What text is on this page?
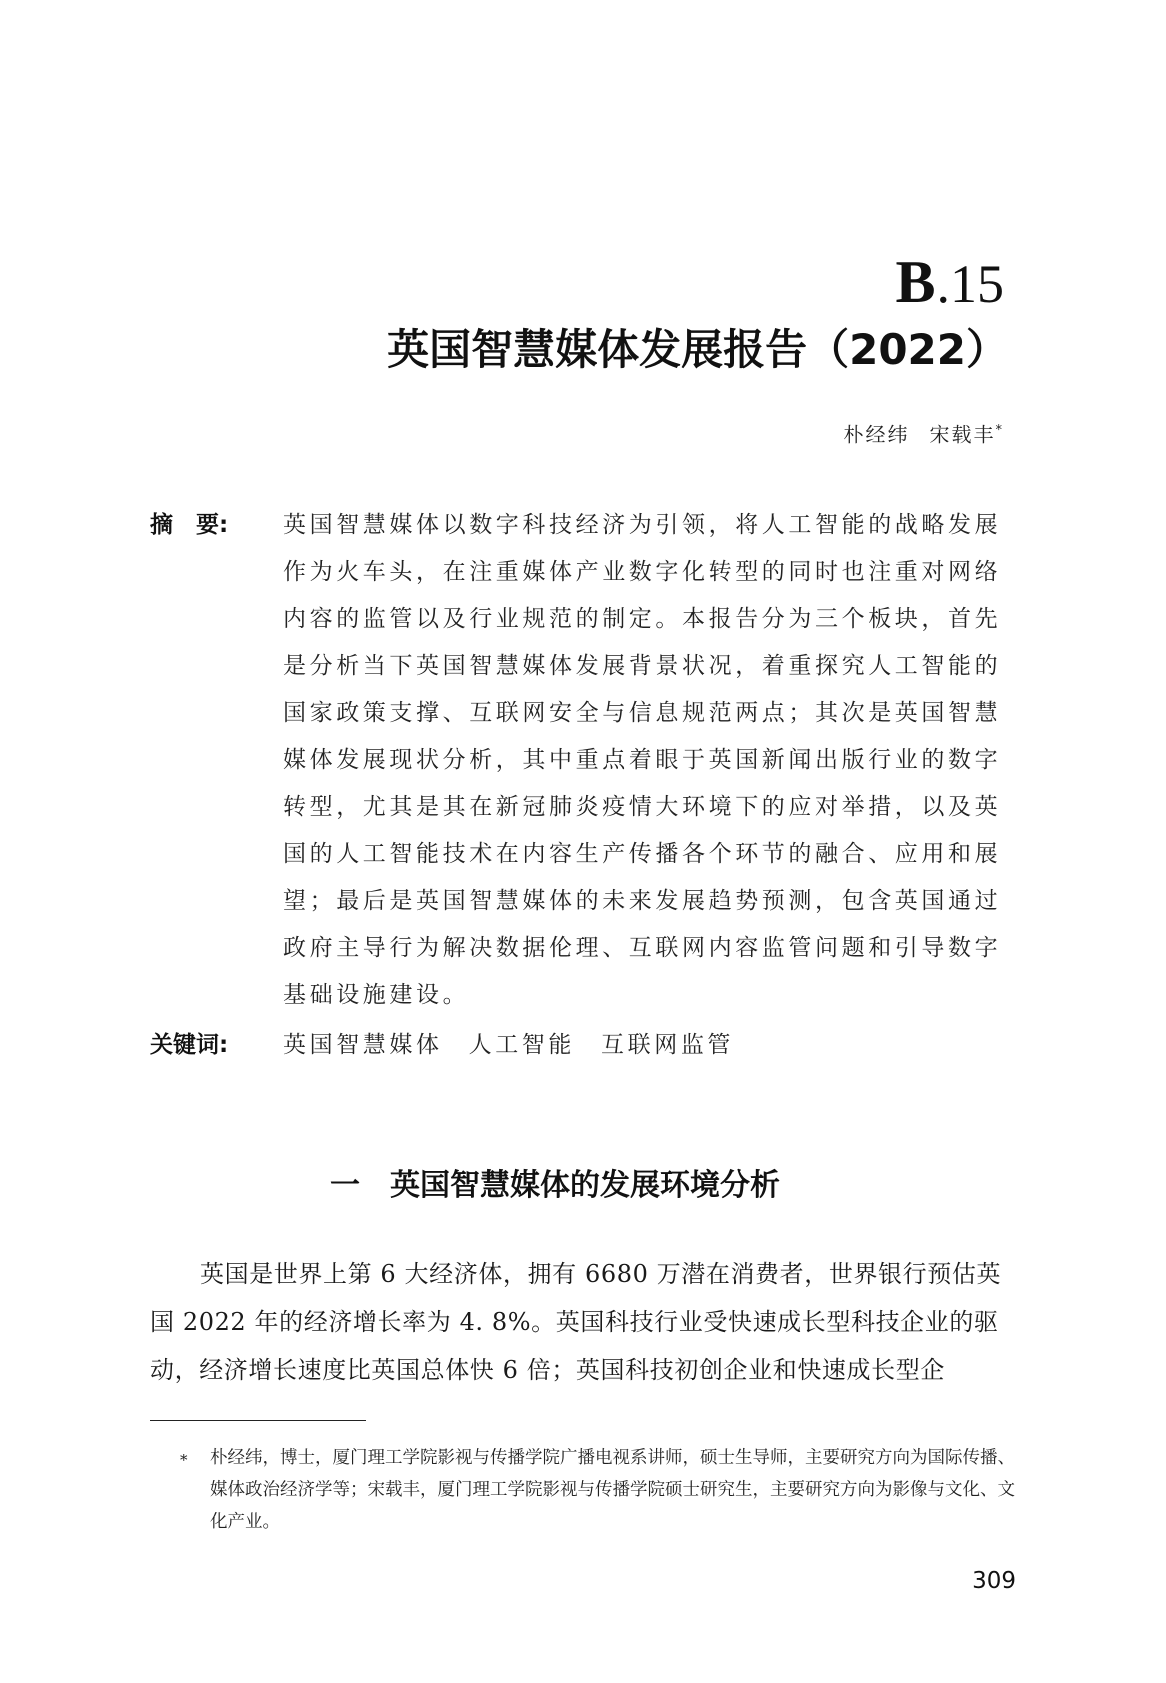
B.15
英国智慧媒体发展报告（2022）
朴经纬 宋载丰*
摘　要: 英国智慧媒体以数字科技经济为引领，将人工智能的战略发展作为火车头，在注重媒体产业数字化转型的同时也注重对网络内容的监管以及行业规范的制定。本报告分为三个板块，首先是分析当下英国智慧媒体发展背景状况，着重探究人工智能的国家政策支撑、互联网安全与信息规范两点；其次是英国智慧媒体发展现状分析，其中重点着眼于英国新闻出版行业的数字转型，尤其是其在新冠肺炎疫情大环境下的应对举措，以及英国的人工智能技术在内容生产传播各个环节的融合、应用和展望；最后是英国智慧媒体的未来发展趋势预测，包含英国通过政府主导行为解决数据伦理、互联网内容监管问题和引导数字基础设施建设。
关键词: 英国智慧媒体 人工智能 互联网监管
一 英国智慧媒体的发展环境分析
英国是世界上第 6 大经济体，拥有 6680 万潜在消费者，世界银行预估英国 2022 年的经济增长率为 4. 8%。英国科技行业受快速成长型科技企业的驱动，经济增长速度比英国总体快 6 倍；英国科技初创企业和快速成长型企
* 朴经纬，博士，厦门理工学院影视与传播学院广播电视系讲师，硕士生导师，主要研究方向为国际传播、媒体政治经济学等；宋载丰，厦门理工学院影视与传播学院硕士研究生，主要研究方向为影像与文化、文化产业。
309
